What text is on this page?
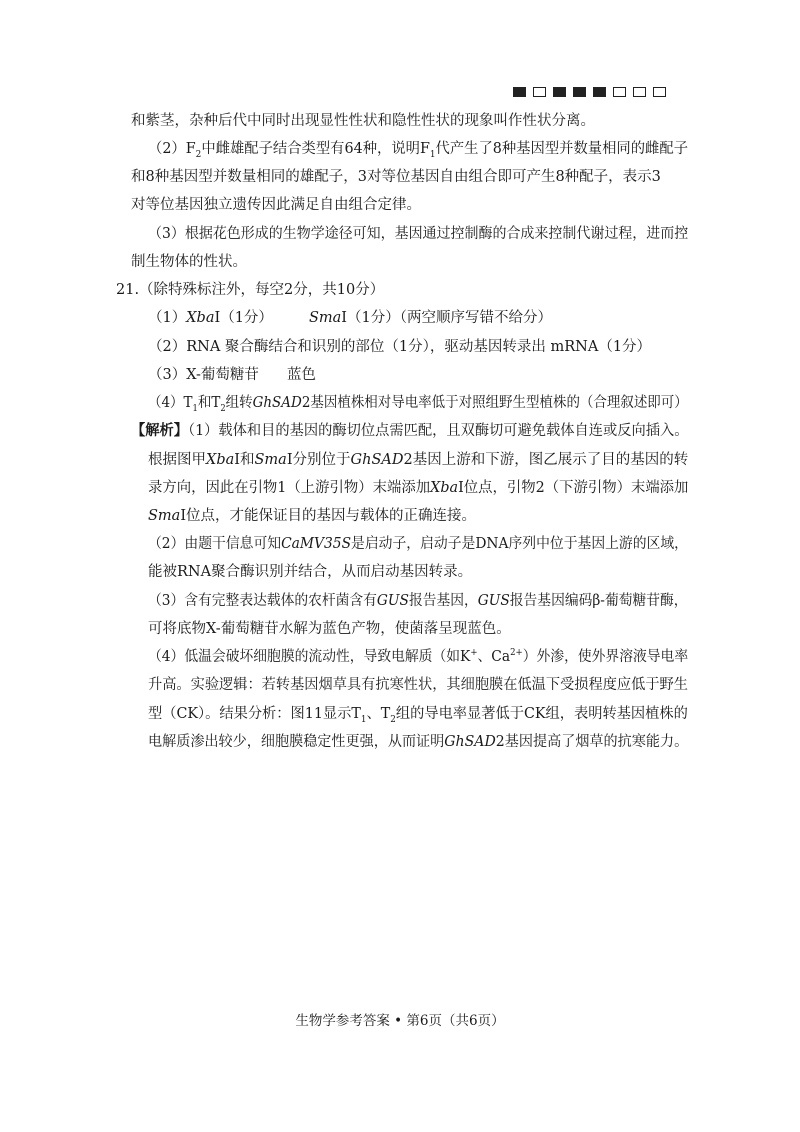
和紫茎，杂种后代中同时出现显性性状和隐性性状的现象叫作性状分离。
$(2)F_2$中雌雄配子结合类型有64种，说明$F_1$代产生了8种基因型并数量相同的雌配子
和8种基因型并数量相同的雄配子，3对等位基因自由组合即可产生8种配子，表示3
对等位基因独立遗传因此满足自由组合定律。
（3）根据花色形成的生物学途径可知，基因通过控制酶的合成来控制代谢过程，进而控
制生物体的性状。
21.（除特殊标注外，每空2分，共10分）
（1）XbaⅠ（1分） SmaⅠ（1分）（两空顺序写错不给分）
（2）RNA 聚合酶结合和识别的部位（1分），驱动基因转录出 mRNA（1分）
（3）X-葡萄糖苷 蓝色
$(4)T_1$和$T_2$组转GhSAD2基因植株相对导电率低于对照组野生型植株的（合理叙述即可）
【解析】（1）载体和目的基因的酶切位点需匹配，且双酶切可避免载体自连或反向插入。
根据图甲XbaⅠ和SmaⅠ分别位于GhSAD2基因上游和下游，图乙展示了目的基因的转
录方向，因此在引物1（上游引物）末端添加XbaⅠ位点，引物2（下游引物）末端添加
SmaⅠ位点，才能保证目的基因与载体的正确连接。
（2）由题干信息可知CaMV35S是启动子，启动子是DNA序列中位于基因上游的区域，
能被RNA聚合酶识别并结合，从而启动基因转录。
（3）含有完整表达载体的农杆菌含有GUS报告基因，GUS报告基因编码β-葡萄糖苷酶，
可将底物X-葡萄糖苷水解为蓝色产物，使菌落呈现蓝色。
（4）低温会破坏细胞膜的流动性，导致电解质（如K+、$Ca^{2+}$）外渗，使外界溶液导电率
升高。实验逻辑：若转基因烟草具有抗寒性状，其细胞膜在低温下受损程度应低于野生
型（CK）。结果分析：图11显示$T_1$、$T_2$组的导电率显著低于CK组，表明转基因植株的
电解质渗出较少，细胞膜稳定性更强，从而证明GhSAD2基因提高了烟草的抗寒能力。
生物学参考答案 • 第6页（共6页）
